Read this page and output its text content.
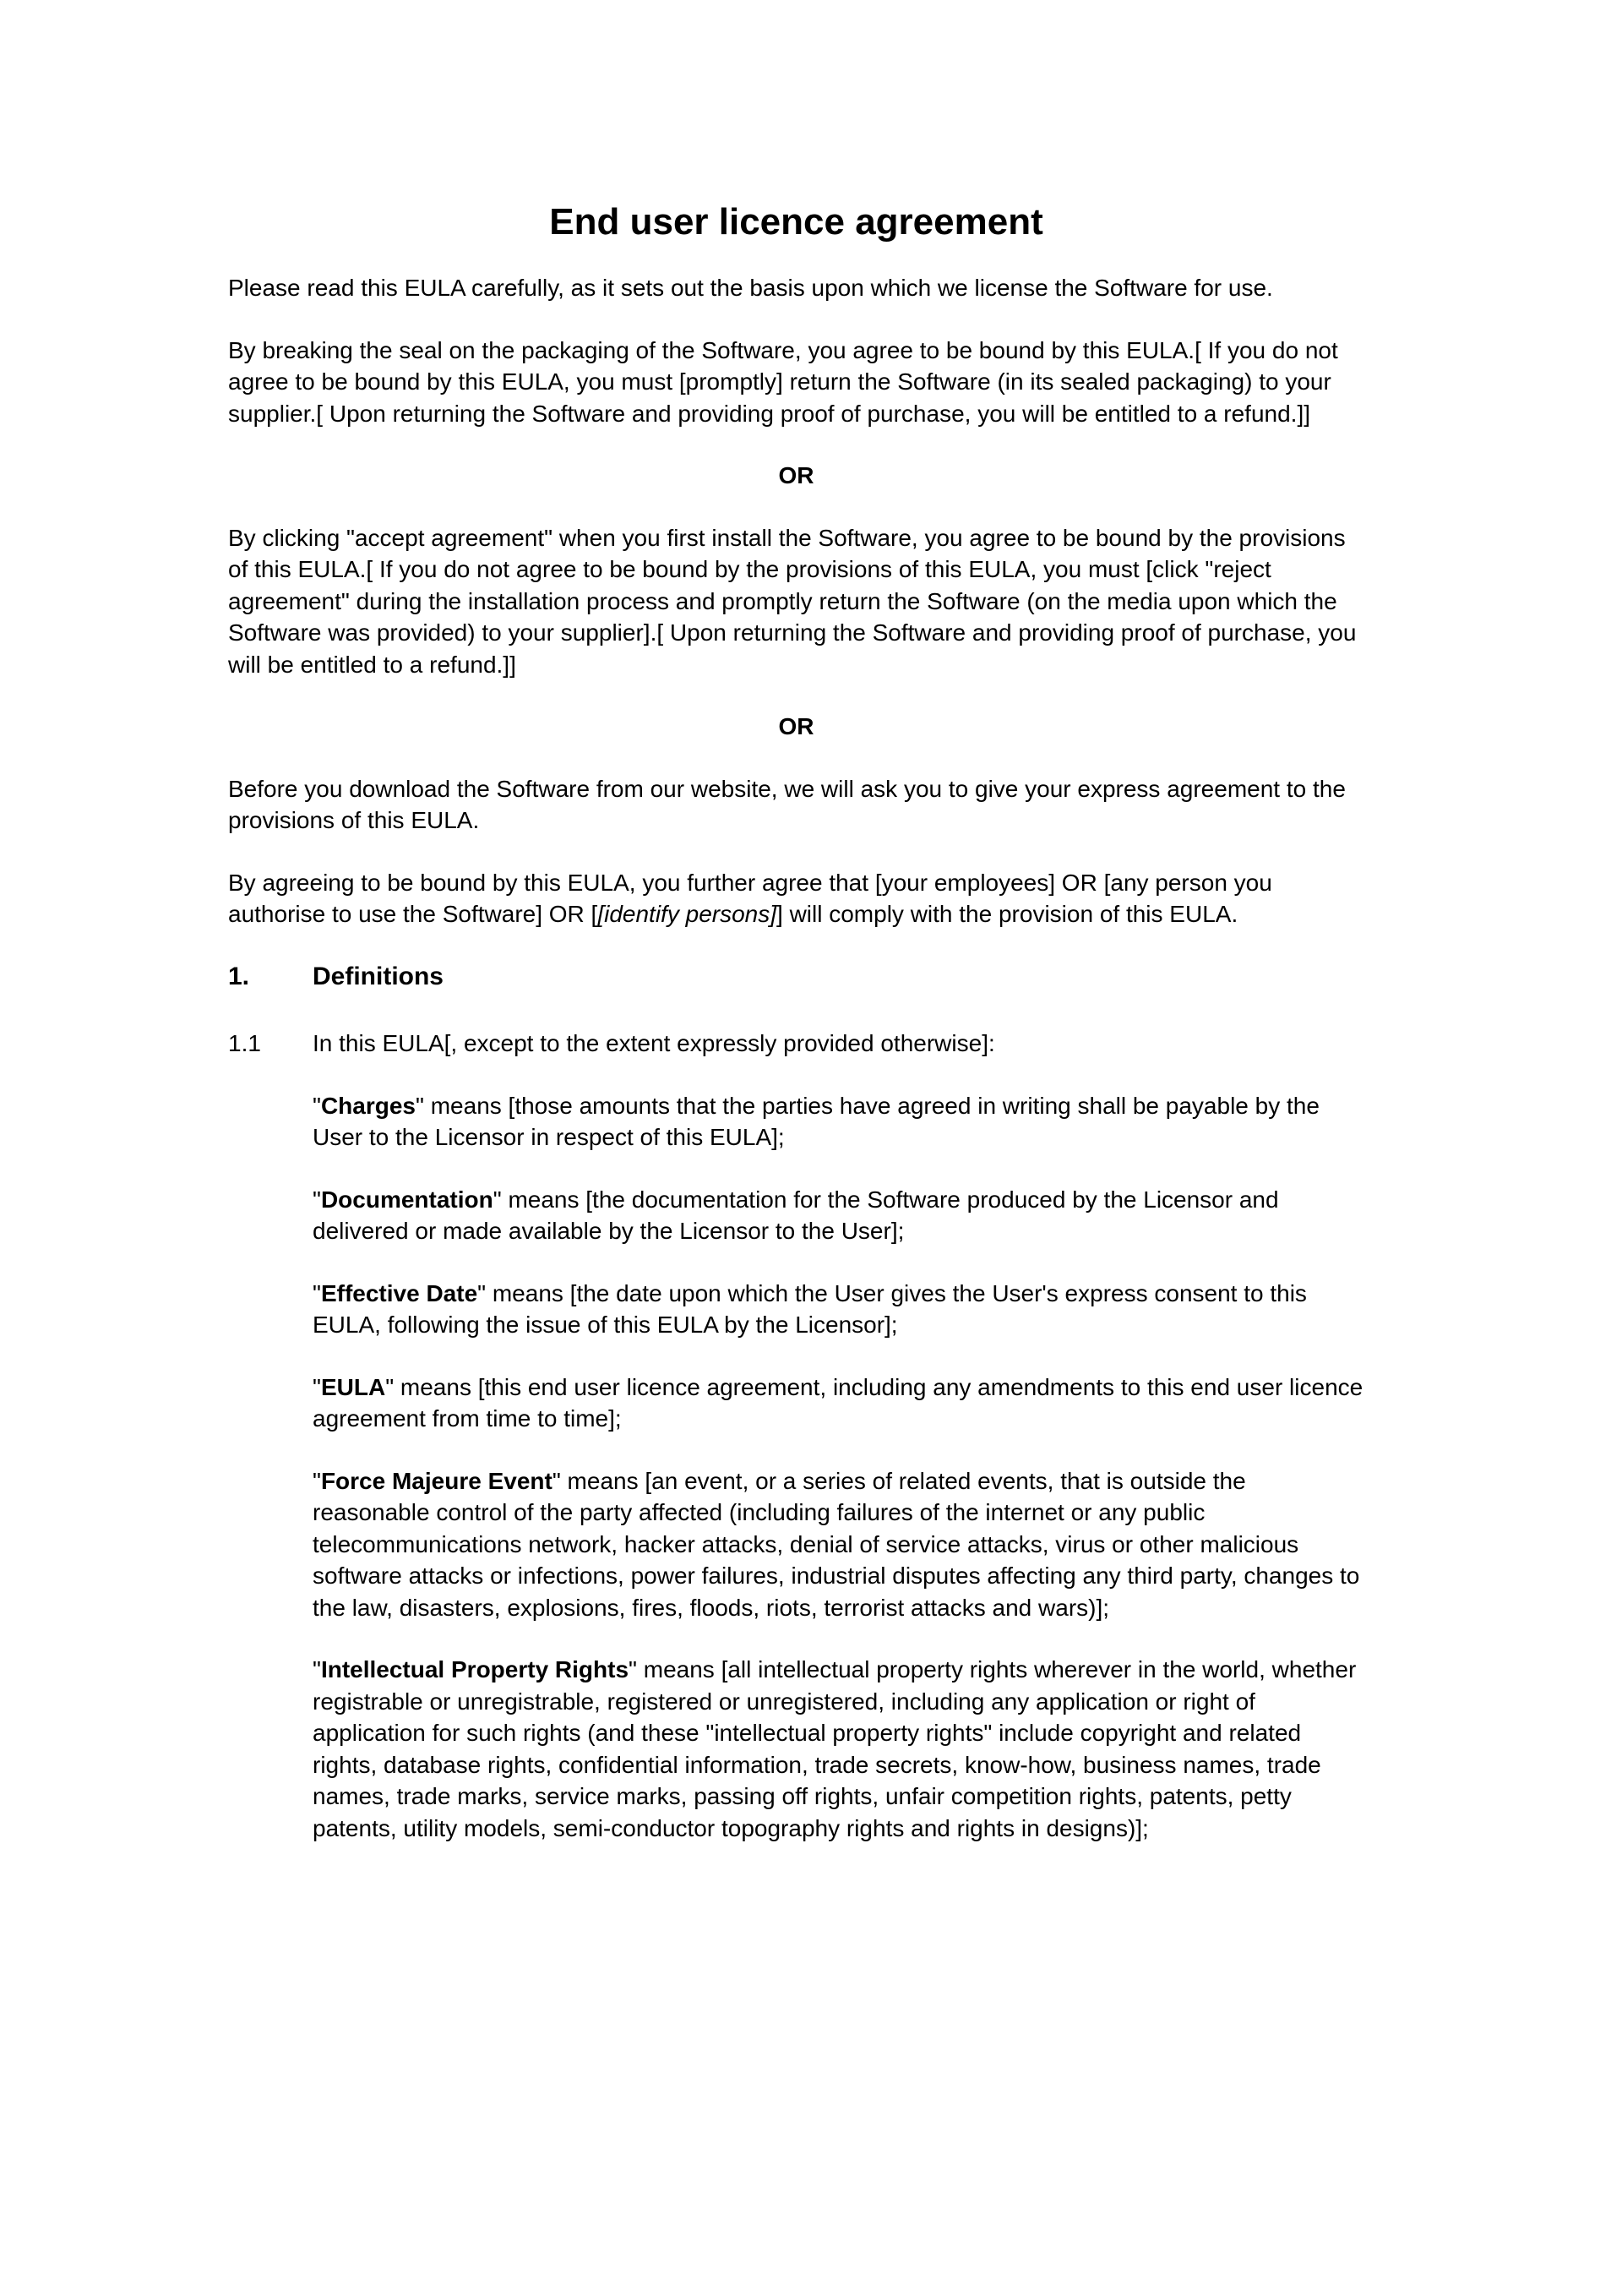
End user licence agreement

Please read this EULA carefully, as it sets out the basis upon which we license the Software for use.

By breaking the seal on the packaging of the Software, you agree to be bound by this EULA.[ If you do not agree to be bound by this EULA, you must [promptly] return the Software (in its sealed packaging) to your supplier.[ Upon returning the Software and providing proof of purchase, you will be entitled to a refund.]]

OR

By clicking "accept agreement" when you first install the Software, you agree to be bound by the provisions of this EULA.[ If you do not agree to be bound by the provisions of this EULA, you must [click "reject agreement" during the installation process and promptly return the Software (on the media upon which the Software was provided) to your supplier].[ Upon returning the Software and providing proof of purchase, you will be entitled to a refund.]]

OR

Before you download the Software from our website, we will ask you to give your express agreement to the provisions of this EULA.

By agreeing to be bound by this EULA, you further agree that [your employees] OR [any person you authorise to use the Software] OR [[identify persons]] will comply with the provision of this EULA.

1.	Definitions
1.1	In this EULA[, except to the extent expressly provided otherwise]:

"Charges" means [those amounts that the parties have agreed in writing shall be payable by the User to the Licensor in respect of this EULA];

"Documentation" means [the documentation for the Software produced by the Licensor and delivered or made available by the Licensor to the User];

"Effective Date" means [the date upon which the User gives the User's express consent to this EULA, following the issue of this EULA by the Licensor];

"EULA" means [this end user licence agreement, including any amendments to this end user licence agreement from time to time];

"Force Majeure Event" means [an event, or a series of related events, that is outside the reasonable control of the party affected (including failures of the internet or any public telecommunications network, hacker attacks, denial of service attacks, virus or other malicious software attacks or infections, power failures, industrial disputes affecting any third party, changes to the law, disasters, explosions, fires, floods, riots, terrorist attacks and wars)];

"Intellectual Property Rights" means [all intellectual property rights wherever in the world, whether registrable or unregistrable, registered or unregistered, including any application or right of application for such rights (and these "intellectual property rights" include copyright and related rights, database rights, confidential information, trade secrets, know-how, business names, trade names, trade marks, service marks, passing off rights, unfair competition rights, patents, petty patents, utility models, semi-conductor topography rights and rights in designs)];
